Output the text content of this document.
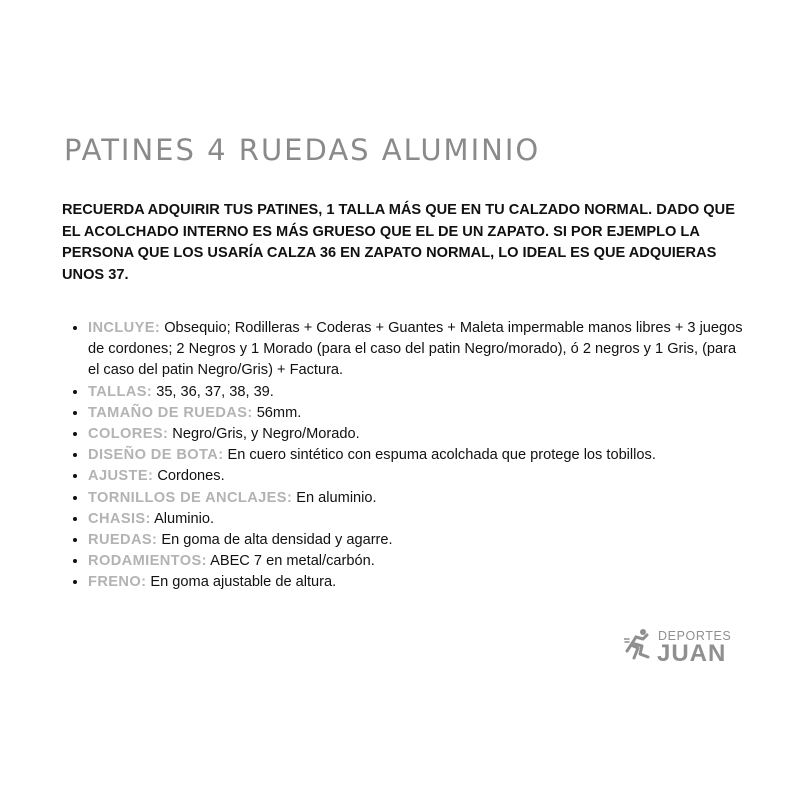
PATINES 4 RUEDAS ALUMINIO
RECUERDA ADQUIRIR TUS PATINES, 1 TALLA MÁS QUE EN TU CALZADO NORMAL. DADO QUE EL ACOLCHADO INTERNO ES MÁS GRUESO QUE EL DE UN ZAPATO. SI POR EJEMPLO LA PERSONA QUE LOS USARÍA CALZA 36 EN ZAPATO NORMAL, LO IDEAL ES QUE ADQUIERAS UNOS 37.
• INCLUYE: Obsequio; Rodilleras + Coderas + Guantes + Maleta impermable manos libres + 3 juegos de cordones; 2 Negros y 1 Morado (para el caso del patin Negro/morado), ó 2 negros y 1 Gris, (para el caso del patin Negro/Gris) + Factura.
• TALLAS: 35, 36, 37, 38, 39.
• TAMAÑO DE RUEDAS: 56mm.
• COLORES: Negro/Gris, y Negro/Morado.
• DISEÑO DE BOTA: En cuero sintético con espuma acolchada que protege los tobillos.
• AJUSTE: Cordones.
• TORNILLOS DE ANCLAJES: En aluminio.
• CHASIS: Aluminio.
• RUEDAS: En goma de alta densidad y agarre.
• RODAMIENTOS: ABEC 7 en metal/carbón.
• FRENO: En goma ajustable de altura.
DEPORTES
JUAN
